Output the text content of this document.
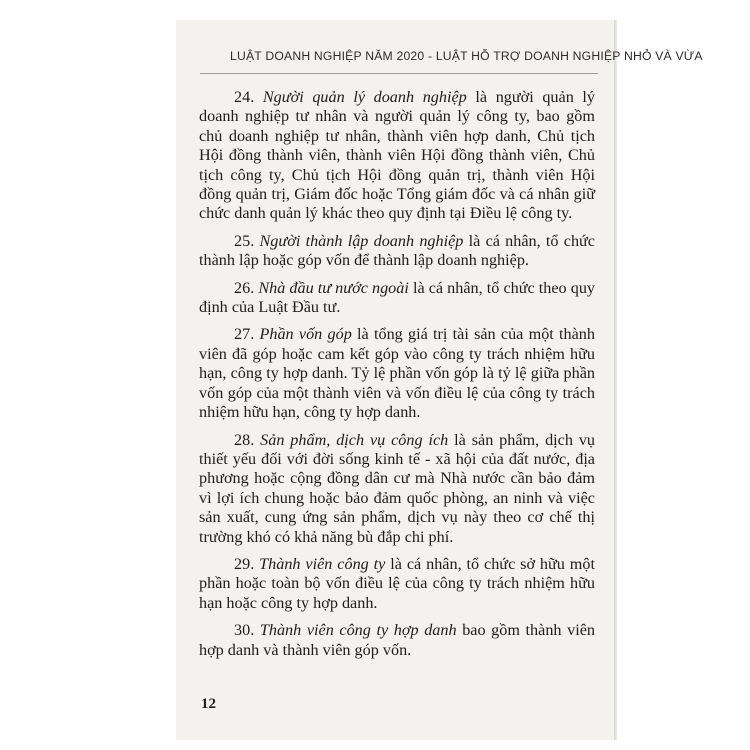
LUẬT DOANH NGHIỆP NĂM 2020 - LUẬT HỖ TRỢ DOANH NGHIỆP NHỎ VÀ VỪA

24. Người quản lý doanh nghiệp là người quản lý doanh nghiệp tư nhân và người quản lý công ty, bao gồm chủ doanh nghiệp tư nhân, thành viên hợp danh, Chủ tịch Hội đồng thành viên, thành viên Hội đồng thành viên, Chủ tịch công ty, Chủ tịch Hội đồng quản trị, thành viên Hội đồng quản trị, Giám đốc hoặc Tổng giám đốc và cá nhân giữ chức danh quản lý khác theo quy định tại Điều lệ công ty.

25. Người thành lập doanh nghiệp là cá nhân, tổ chức thành lập hoặc góp vốn để thành lập doanh nghiệp.

26. Nhà đầu tư nước ngoài là cá nhân, tổ chức theo quy định của Luật Đầu tư.

27. Phần vốn góp là tổng giá trị tài sản của một thành viên đã góp hoặc cam kết góp vào công ty trách nhiệm hữu hạn, công ty hợp danh. Tỷ lệ phần vốn góp là tỷ lệ giữa phần vốn góp của một thành viên và vốn điều lệ của công ty trách nhiệm hữu hạn, công ty hợp danh.

28. Sản phẩm, dịch vụ công ích là sản phẩm, dịch vụ thiết yếu đối với đời sống kinh tế - xã hội của đất nước, địa phương hoặc cộng đồng dân cư mà Nhà nước cần bảo đảm vì lợi ích chung hoặc bảo đảm quốc phòng, an ninh và việc sản xuất, cung ứng sản phẩm, dịch vụ này theo cơ chế thị trường khó có khả năng bù đắp chi phí.

29. Thành viên công ty là cá nhân, tổ chức sở hữu một phần hoặc toàn bộ vốn điều lệ của công ty trách nhiệm hữu hạn hoặc công ty hợp danh.

30. Thành viên công ty hợp danh bao gồm thành viên hợp danh và thành viên góp vốn.

12
